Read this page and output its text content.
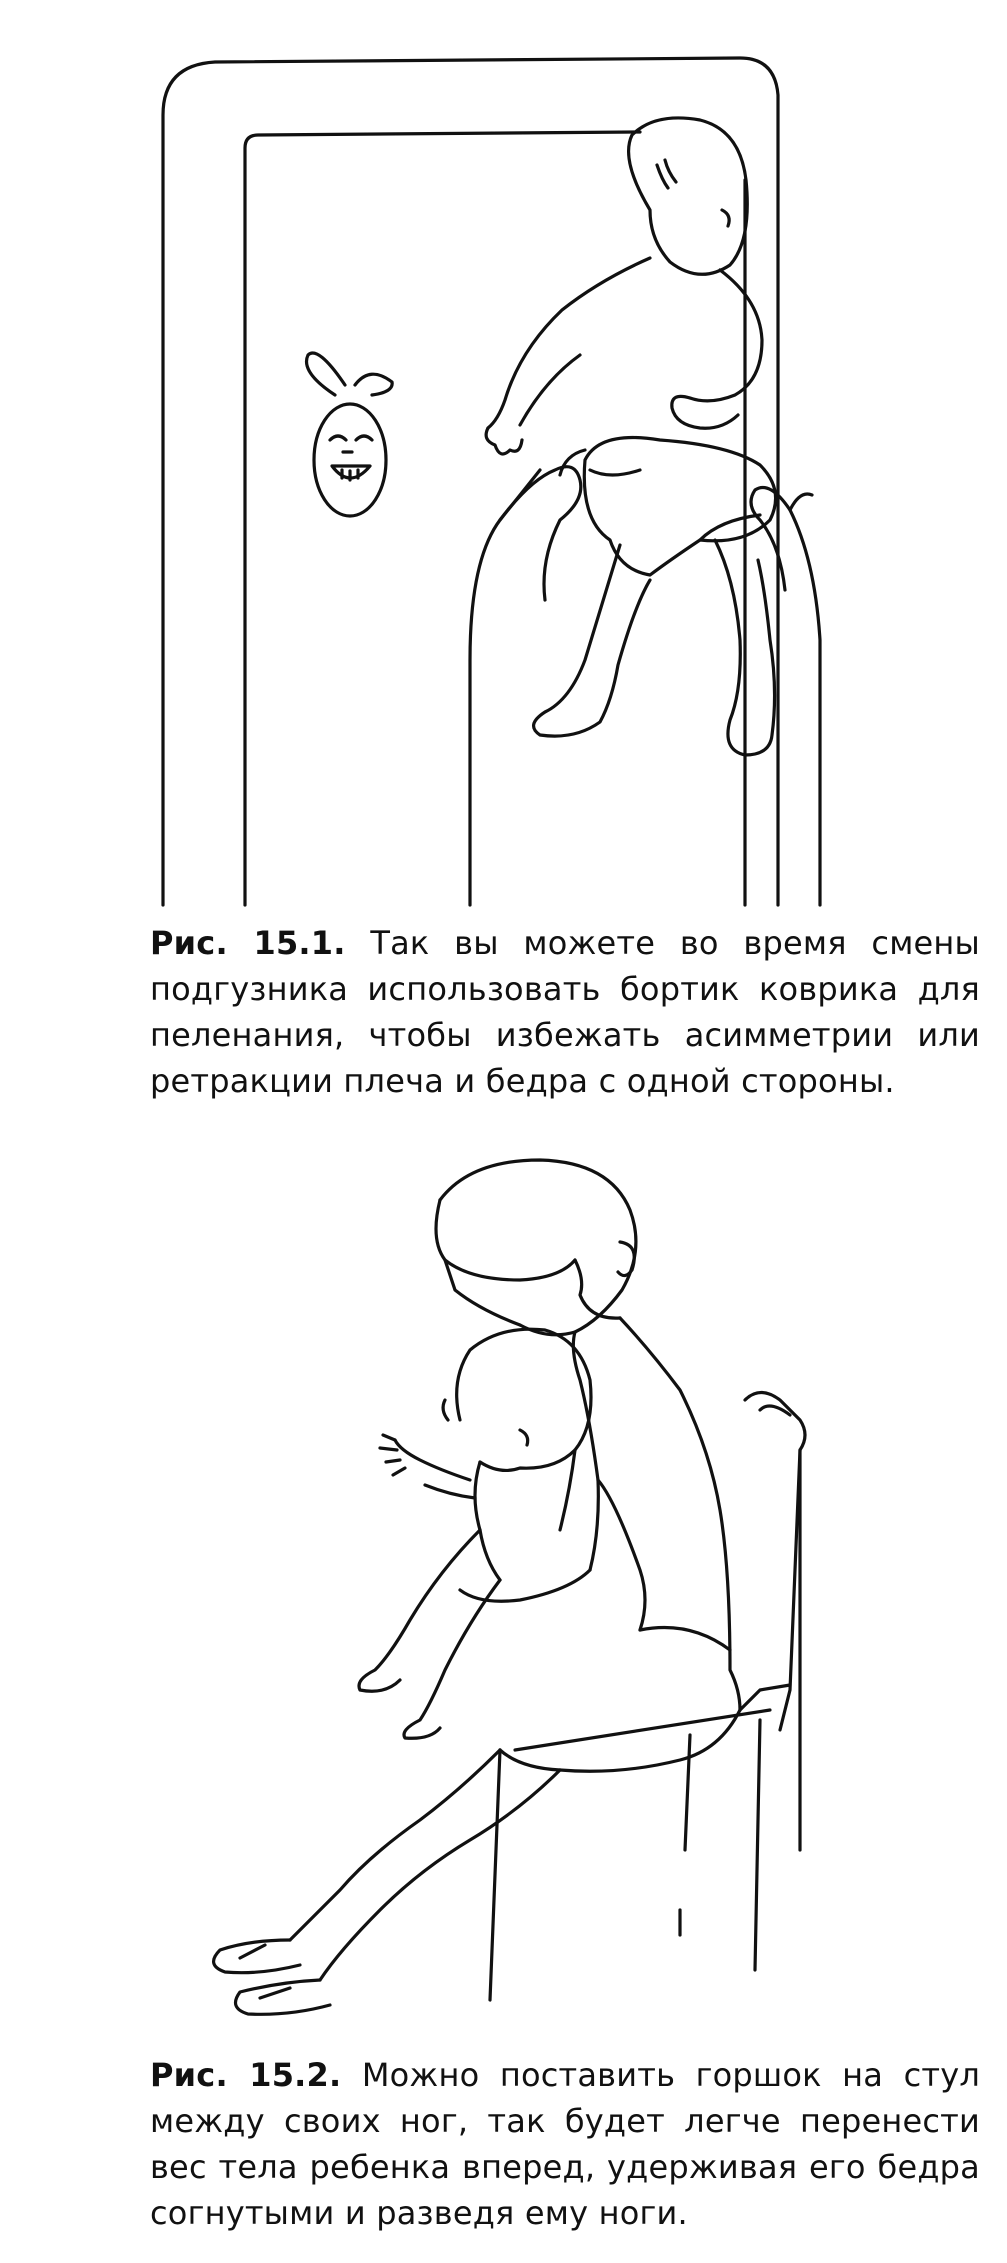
Рис. 15.1. Так вы можете во время смены подгузника использовать бортик коврика для пеленания, чтобы избежать асимметрии или ретракции плеча и бедра с одной стороны.
Рис. 15.2. Можно поставить горшок на стул между своих ног, так будет легче перенести вес тела ребенка вперед, удерживая его бедра согнутыми и разведя ему ноги.
